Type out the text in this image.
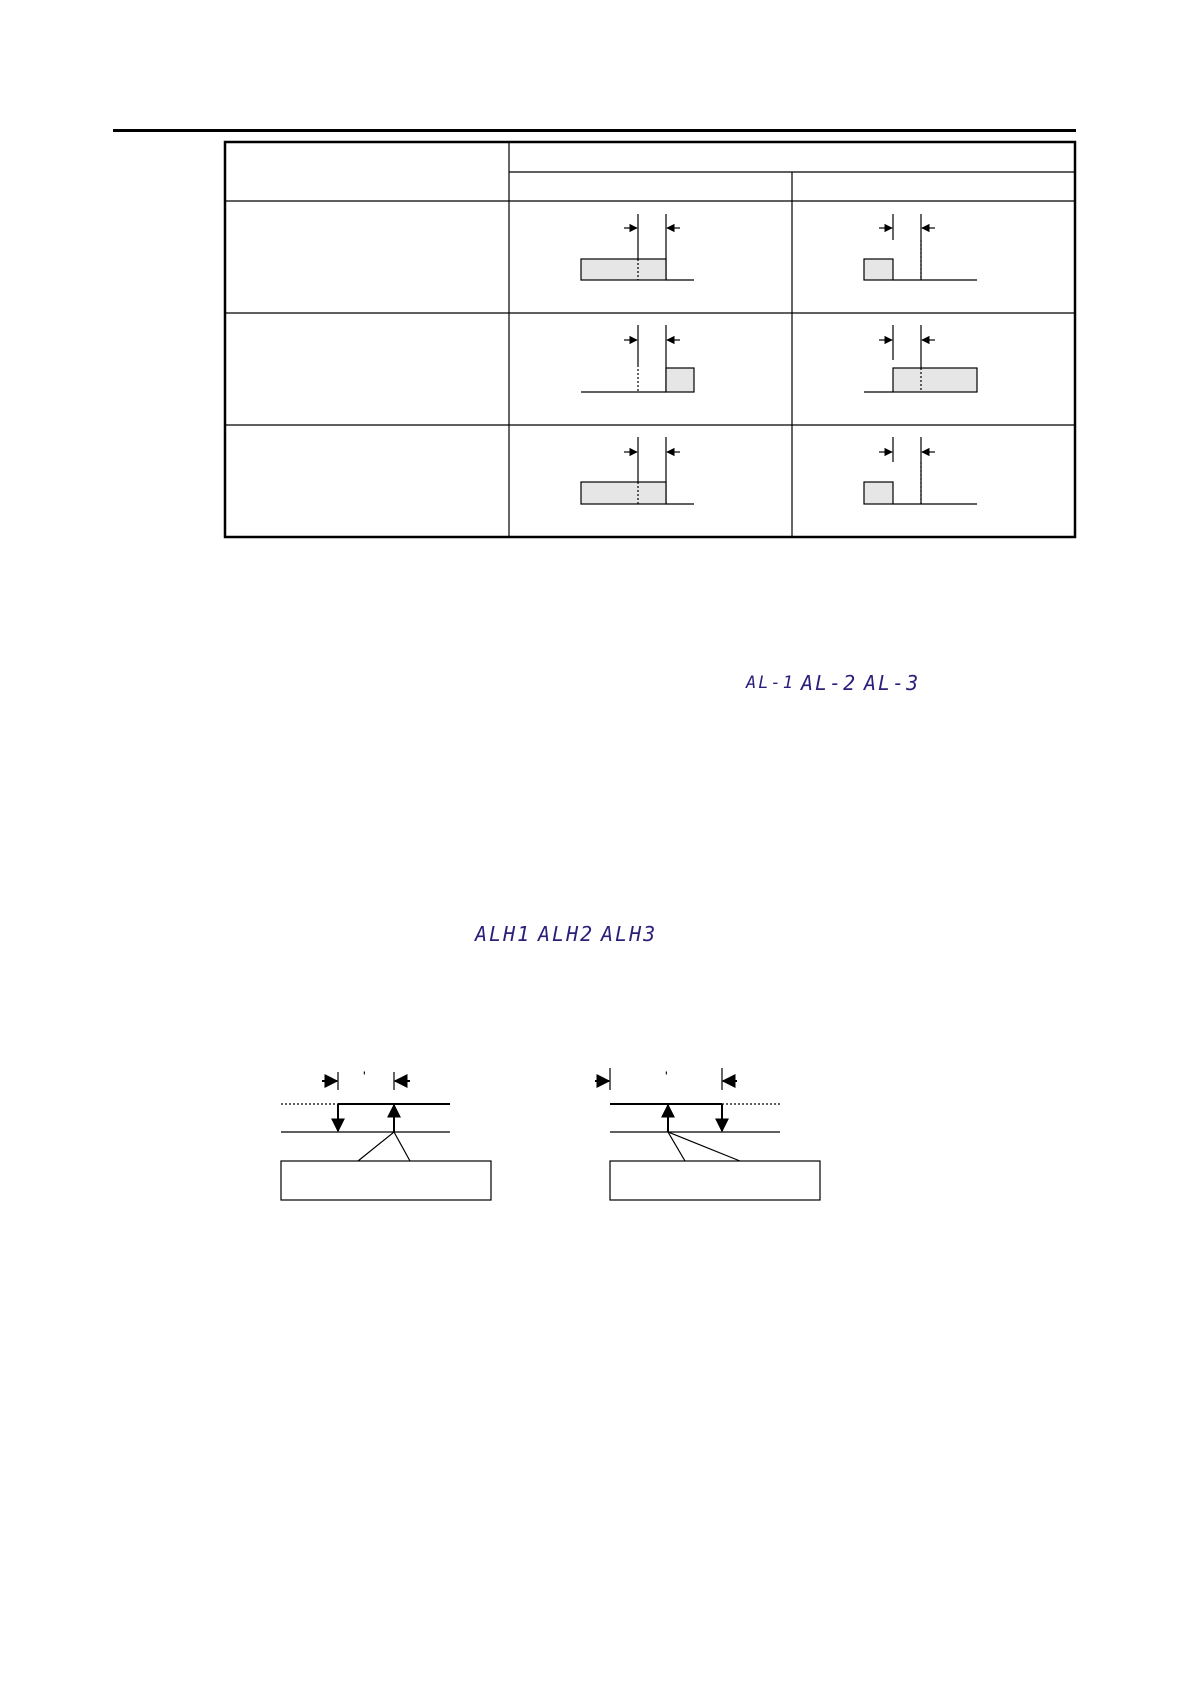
'	'
AL-1 AL-2 AL-3
ALH1 ALH2 ALH3
